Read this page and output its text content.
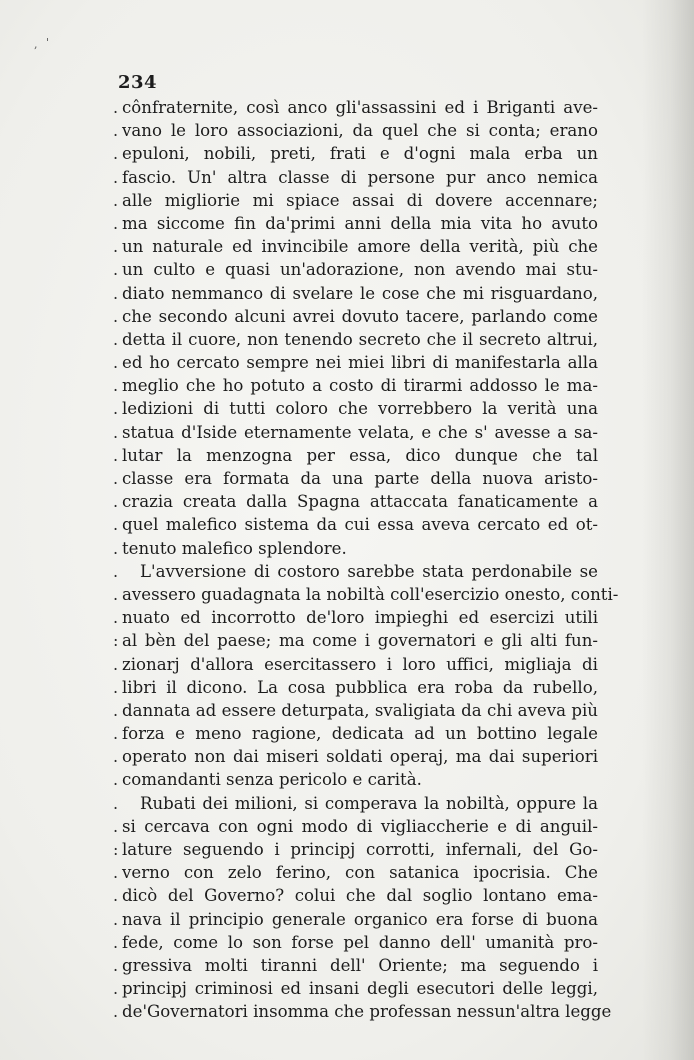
, '
234
. cônfraternite, così anco gli'assassini ed i Briganti ave-
. vano le loro associazioni, da quel che si conta; erano
. epuloni, nobili, preti, frati e d'ogni mala erba un
. fascio. Un' altra classe di persone pur anco nemica
. alle migliorie mi spiace assai di dovere accennare;
. ma siccome fin da'primi anni della mia vita ho avuto
. un naturale ed invincibile amore della verità, più che
. un culto e quasi un'adorazione, non avendo mai stu-
. diato nemmanco di svelare le cose che mi risguardano,
. che secondo alcuni avrei dovuto tacere, parlando come
. detta il cuore, non tenendo secreto che il secreto altrui,
. ed ho cercato sempre nei miei libri di manifestarla alla
. meglio che ho potuto a costo di tirarmi addosso le ma-
. ledizioni di tutti coloro che vorrebbero la verità una
. statua d'Iside eternamente velata, e che s' avesse a sa-
. lutar la menzogna per essa, dico dunque che tal
. classe era formata da una parte della nuova aristo-
. crazia creata dalla Spagna attaccata fanaticamente a
. quel malefico sistema da cui essa aveva cercato ed ot-
. tenuto malefico splendore.
. L'avversione di costoro sarebbe stata perdonabile se
. avessero guadagnata la nobiltà coll'esercizio onesto, conti-
. nuato ed incorrotto de'loro impieghi ed esercizi utili
: al bèn del paese; ma come i governatori e gli alti fun-
. zionarj d'allora esercitassero i loro uffici, migliaja di
. libri il dicono. La cosa pubblica era roba da rubello,
. dannata ad essere deturpata, svaligiata da chi aveva più
. forza e meno ragione, dedicata ad un bottino legale
. operato non dai miseri soldati operaj, ma dai superiori
. comandanti senza pericolo e carità.
. Rubati dei milioni, si comperava la nobiltà, oppure la
. si cercava con ogni modo di vigliaccherie e di anguil-
: lature seguendo i principj corrotti, infernali, del Go-
. verno con zelo ferino, con satanica ipocrisia. Che
. dicò del Governo? colui che dal soglio lontano ema-
. nava il principio generale organico era forse di buona
. fede, come lo son forse pel danno dell' umanità pro-
. gressiva molti tiranni dell' Oriente; ma seguendo i
. principj criminosi ed insani degli esecutori delle leggi,
. de'Governatori insomma che professan nessun'altra legge
